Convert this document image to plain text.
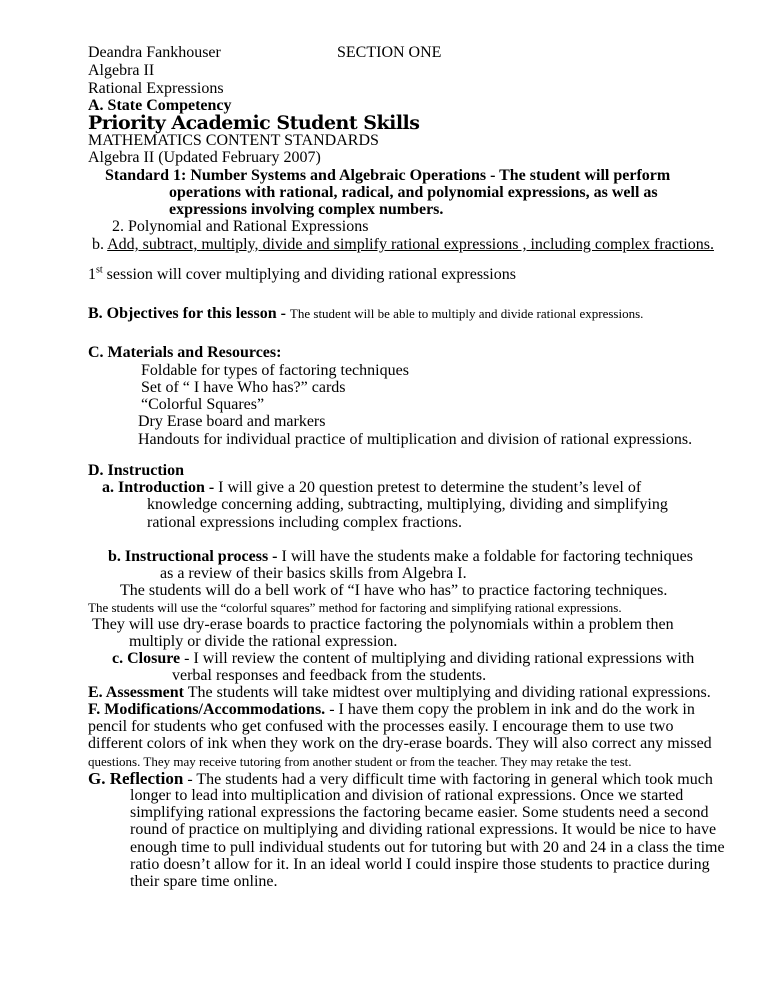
Deandra Fankhouser	SECTION ONE
Algebra II
Rational Expressions
A. State Competency
Priority Academic Student Skills
MATHEMATICS CONTENT STANDARDS
Algebra II (Updated February 2007)
Standard 1: Number Systems and Algebraic Operations - The student will perform
operations with rational, radical, and polynomial expressions, as well as
expressions involving complex numbers.
2. Polynomial and Rational Expressions
b. Add, subtract, multiply, divide and simplify rational expressions , including complex fractions.
1st session will cover multiplying and dividing rational expressions
B. Objectives for this lesson - The student will be able to multiply and divide rational expressions.
C. Materials and Resources:
Foldable for types of factoring techniques
Set of “ I have Who has?” cards
“Colorful Squares”
Dry Erase board and markers
Handouts for individual practice of multiplication and division of rational expressions.
D. Instruction
a. Introduction - I will give a 20 question pretest to determine the student’s level of
knowledge concerning adding, subtracting, multiplying, dividing and simplifying
rational expressions including complex fractions.
b. Instructional process - I will have the students make a foldable for factoring techniques
as a review of their basics skills from Algebra I.
The students will do a bell work of “I have who has” to practice factoring techniques.
The students will use the “colorful squares” method for factoring and simplifying rational expressions.
They will use dry-erase boards to practice factoring the polynomials within a problem then
multiply or divide the rational expression.
c. Closure - I will review the content of multiplying and dividing rational expressions with
verbal responses and feedback from the students.
E. Assessment The students will take midtest over multiplying and dividing rational expressions.
F. Modifications/Accommodations. - I have them copy the problem in ink and do the work in
pencil for students who get confused with the processes easily. I encourage them to use two
different colors of ink when they work on the dry-erase boards. They will also correct any missed
questions. They may receive tutoring from another student or from the teacher. They may retake the test.
G. Reflection - The students had a very difficult time with factoring in general which took much
longer to lead into multiplication and division of rational expressions. Once we started
simplifying rational expressions the factoring became easier. Some students need a second
round of practice on multiplying and dividing rational expressions. It would be nice to have
enough time to pull individual students out for tutoring but with 20 and 24 in a class the time
ratio doesn’t allow for it. In an ideal world I could inspire those students to practice during
their spare time online.
